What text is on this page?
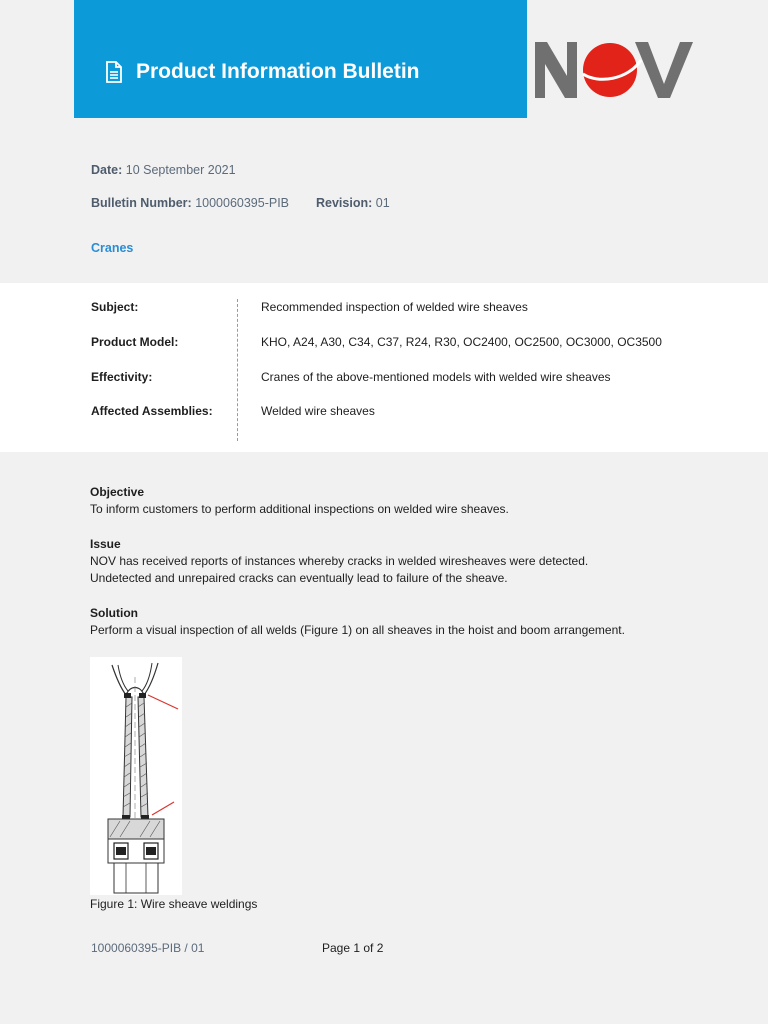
Product Information Bulletin
Date: 10 September 2021
Bulletin Number: 1000060395-PIB Revision: 01
Cranes
Subject:	Recommended inspection of welded wire sheaves
Product Model:	KHO, A24, A30, C34, C37, R24, R30, OC2400, OC2500, OC3000, OC3500
Effectivity:	Cranes of the above-mentioned models with welded wire sheaves
Affected Assemblies:	Welded wire sheaves
Objective
To inform customers to perform additional inspections on welded wire sheaves.
Issue
NOV has received reports of instances whereby cracks in welded wiresheaves were detected.
Undetected and unrepaired cracks can eventually lead to failure of the sheave.
Solution
Perform a visual inspection of all welds (Figure 1) on all sheaves in the hoist and boom arrangement.
Figure 1: Wire sheave weldings
1000060395-PIB / 01	Page 1 of 2
